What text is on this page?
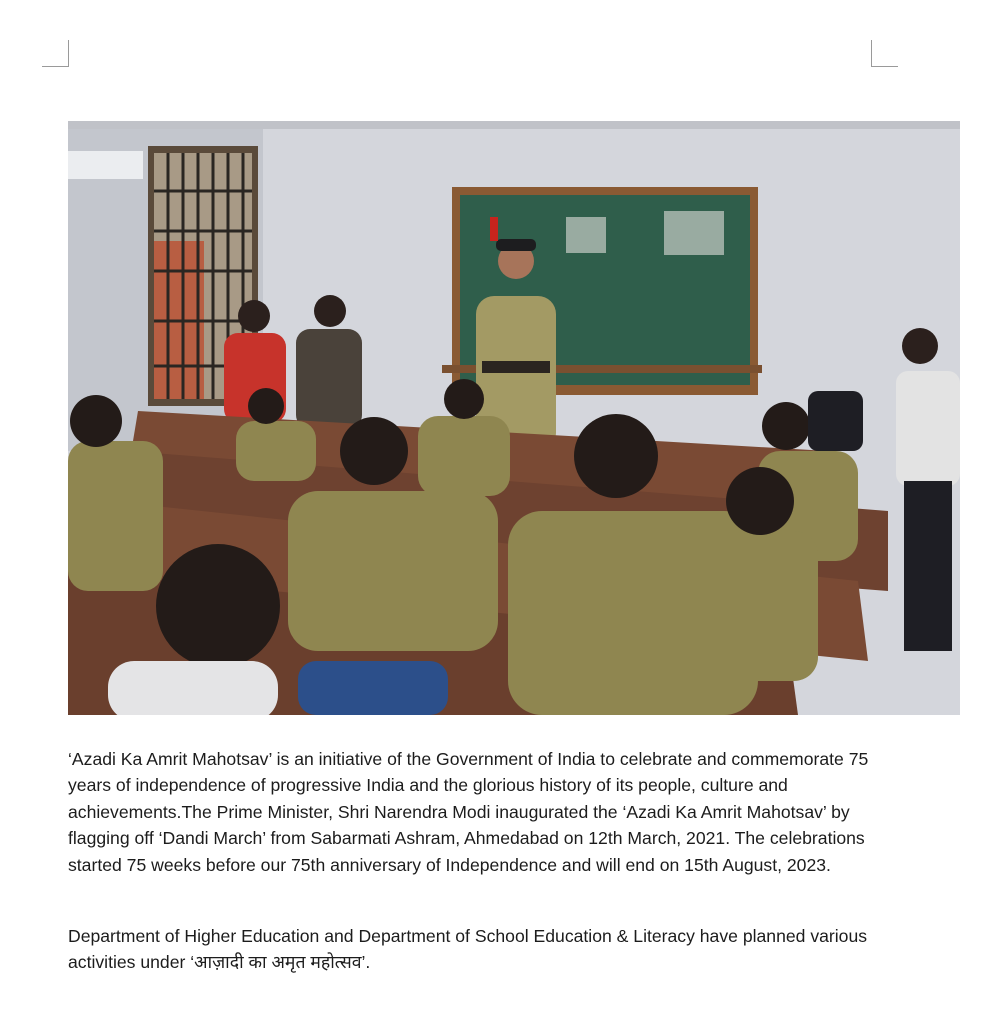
‘Azadi Ka Amrit Mahotsav’ is an initiative of the Government of India to celebrate and commemorate 75 years of independence of progressive India and the glorious history of its people, culture and achievements.The Prime Minister, Shri Narendra Modi inaugurated the ‘Azadi Ka Amrit Mahotsav’ by flagging off ‘Dandi March’ from Sabarmati Ashram, Ahmedabad on 12th March, 2021. The celebrations started 75 weeks before our 75th anniversary of Independence and will end on 15th August, 2023.

Department of Higher Education and Department of School Education & Literacy have planned various activities under ‘आज़ादी का अमृत महोत्सव’.
